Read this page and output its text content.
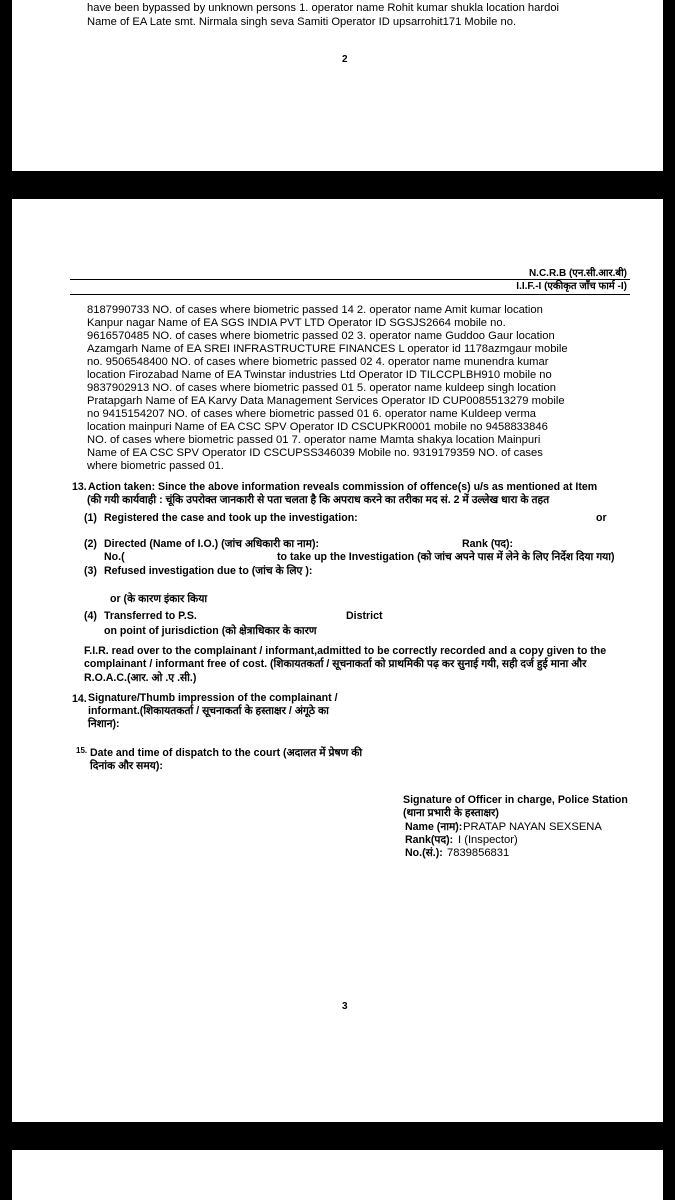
have been bypassed by unknown persons 1. operator name Rohit kumar shukla location hardoi
Name of EA Late smt. Nirmala singh seva Samiti Operator ID upsarrohit171 Mobile no.
2
N.C.R.B (एन.सी.आर.बी)
I.I.F.-I (एकीकृत जाँच फार्म -I)
8187990733 NO. of cases where biometric passed 14 2. operator name Amit kumar location
Kanpur nagar Name of EA SGS INDIA PVT LTD Operator ID SGSJS2664 mobile no.
9616570485 NO. of cases where biometric passed 02 3. operator name Guddoo Gaur location
Azamgarh Name of EA SREI INFRASTRUCTURE FINANCES L operator id 1178azmgaur mobile
no. 9506548400 NO. of cases where biometric passed 02 4. operator name munendra kumar
location Firozabad Name of EA Twinstar industries Ltd Operator ID TILCCPLBH910 mobile no
9837902913 NO. of cases where biometric passed 01 5. operator name kuldeep singh location
Pratapgarh Name of EA Karvy Data Management Services Operator ID CUP0085513279 mobile
no 9415154207 NO. of cases where biometric passed 01 6. operator name Kuldeep verma
location mainpuri Name of EA CSC SPV Operator ID CSCUPKR0001 mobile no 9458833846
NO. of cases where biometric passed 01 7. operator name Mamta shakya location Mainpuri
Name of EA CSC SPV Operator ID CSCUPSS346039 Mobile no. 9319179359 NO. of cases
where biometric passed 01.
13. Action taken: Since the above information reveals commission of offence(s) u/s as mentioned at Item
(की गयी कार्यवाही : चूंकि उपरोक्त जानकारी से पता चलता है कि अपराध करने का तरीका मद सं. 2 में उल्लेख धारा के तहत
(1) Registered the case and took up the investigation:	or
(2) Directed (Name of I.O.) (जांच अधिकारी का नाम):	Rank (पद):
No.(	to take up the Investigation (को जांच अपने पास में लेने के लिए निर्देश दिया गया)
(3) Refused investigation due to (जांच के लिए ):
or (के कारण इंकार किया
(4) Transferred to P.S.	District
on point of jurisdiction (को क्षेत्राधिकार के कारण
F.I.R. read over to the complainant / informant,admitted to be correctly recorded and a copy given to the
complainant / informant free of cost. (शिकायतकर्ता / सूचनाकर्ता को प्राथमिकी पढ़ कर सुनाई गयी, सही दर्ज हुई माना और
R.O.A.C.(आर. ओ .ए .सी.)
14. Signature/Thumb impression of the complainant /
informant.(शिकायतकर्ता / सूचनाकर्ता के हस्ताक्षर / अंगूठे का
निशान):
15. Date and time of dispatch to the court (अदालत में प्रेषण की
दिनांक और समय):
Signature of Officer in charge, Police Station
(थाना प्रभारी के हस्ताक्षर)
Name (नाम): PRATAP NAYAN SEXSENA
Rank(पद): I (Inspector)
No.(सं.): 7839856831
3
